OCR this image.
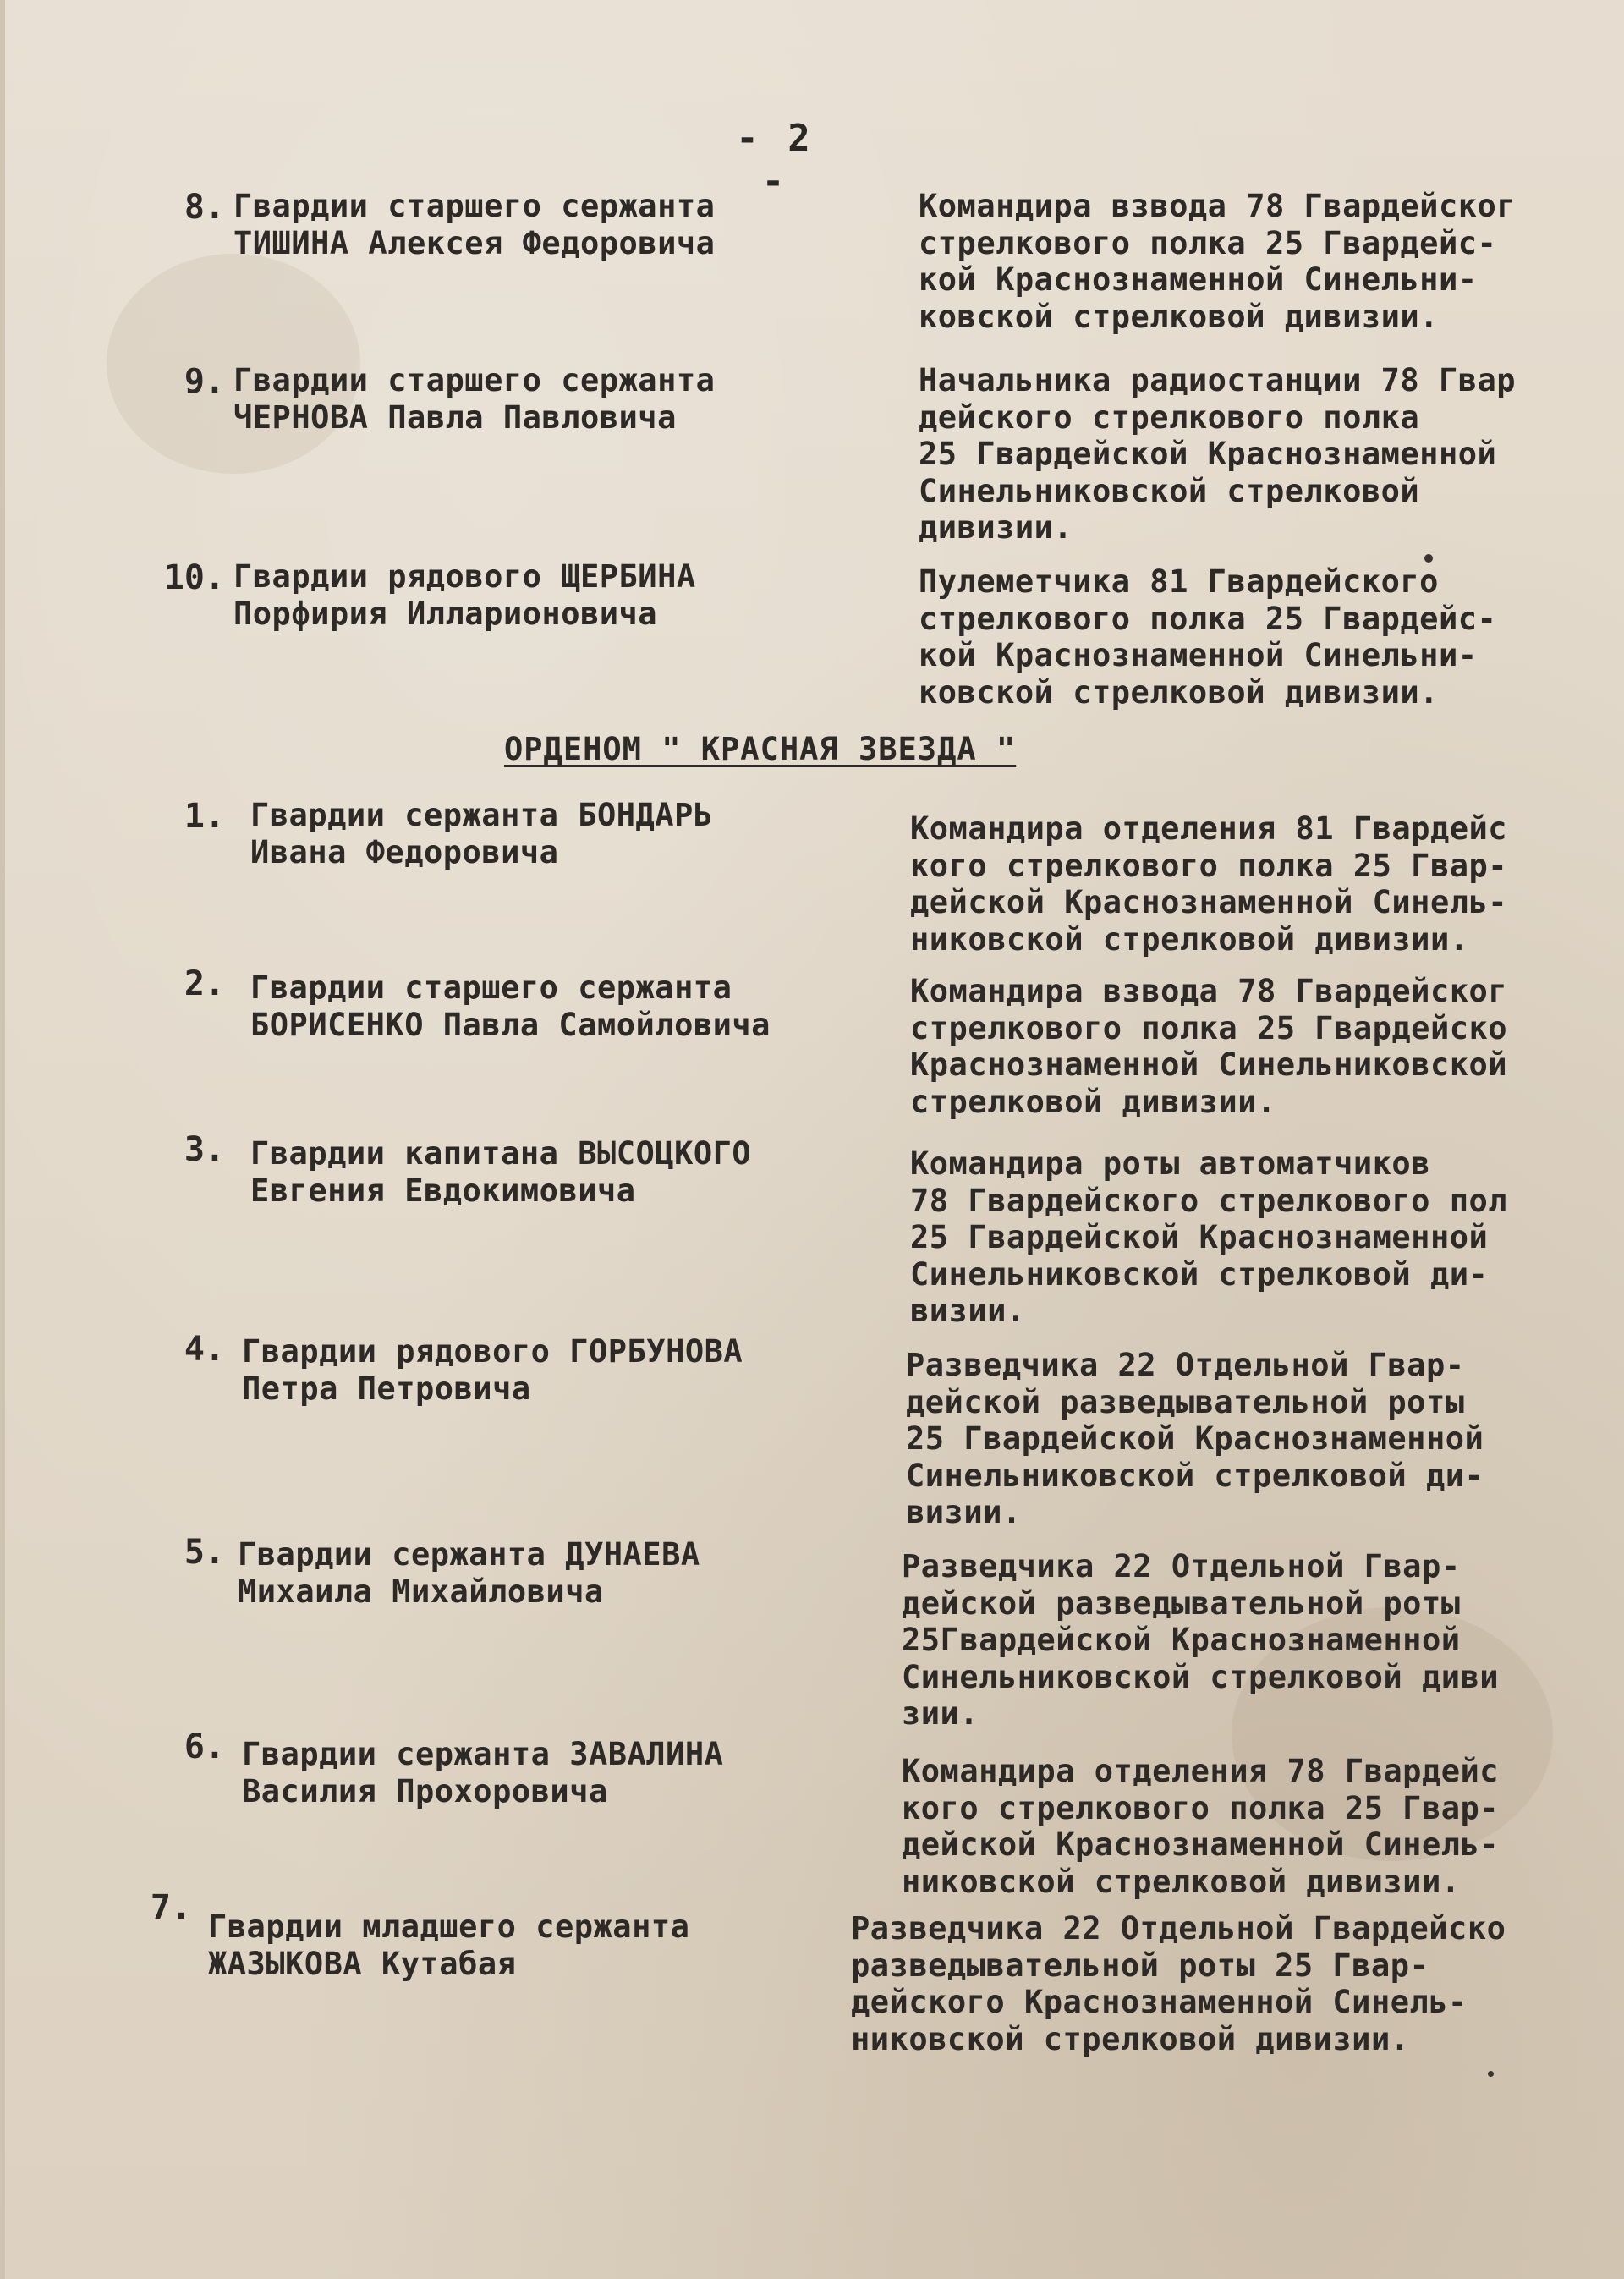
- 2 -
8. Гвардии старшего сержанта
ТИШИНА Алексея Федоровича
Командира взвода 78 Гвардейског
стрелкового полка 25 Гвардейс-
кой Краснознаменной Синельни-
ковской стрелковой дивизии.
9. Гвардии старшего сержанта
ЧЕРНОВА Павла Павловича
Начальника радиостанции 78 Гвар
дейского стрелкового полка
25 Гвардейской Краснознаменной
Синельниковской стрелковой
дивизии.
10. Гвардии рядового ЩЕРБИНА
Порфирия Илларионовича
Пулеметчика 81 Гвардейского
стрелкового полка 25 Гвардейс-
кой Краснознаменной Синельни-
ковской стрелковой дивизии.
ОРДЕНОМ " КРАСНАЯ ЗВЕЗДА "
1. Гвардии сержанта БОНДАРЬ
Ивана Федоровича
Командира отделения 81 Гвардейс
кого стрелкового полка 25 Гвар-
дейской Краснознаменной Синель-
никовской стрелковой дивизии.
2. Гвардии старшего сержанта
БОРИСЕНКО Павла Самойловича
Командира взвода 78 Гвардейског
стрелкового полка 25 Гвардейско
Краснознаменной Синельниковской
стрелковой дивизии.
3. Гвардии капитана ВЫСОЦКОГО
Евгения Евдокимовича
Командира роты автоматчиков
78 Гвардейского стрелкового пол
25 Гвардейской Краснознаменной
Синельниковской стрелковой ди-
визии.
4. Гвардии рядового ГОРБУНОВА
Петра Петровича
Разведчика 22 Отдельной Гвар-
дейской разведывательной роты
25 Гвардейской Краснознаменной
Синельниковской стрелковой ди-
визии.
5. Гвардии сержанта ДУНАЕВА
Михаила Михайловича
Разведчика 22 Отдельной Гвар-
дейской разведывательной роты
25Гвардейской Краснознаменной
Синельниковской стрелковой диви
зии.
6. Гвардии сержанта ЗАВАЛИНА
Василия Прохоровича
Командира отделения 78 Гвардейс
кого стрелкового полка 25 Гвар-
дейской Краснознаменной Синель-
никовской стрелковой дивизии.
7. Гвардии младшего сержанта
ЖАЗЫКОВА Кутабая
Разведчика 22 Отдельной Гвардейско
разведывательной роты 25 Гвар-
дейского Краснознаменной Синель-
никовской стрелковой дивизии.
